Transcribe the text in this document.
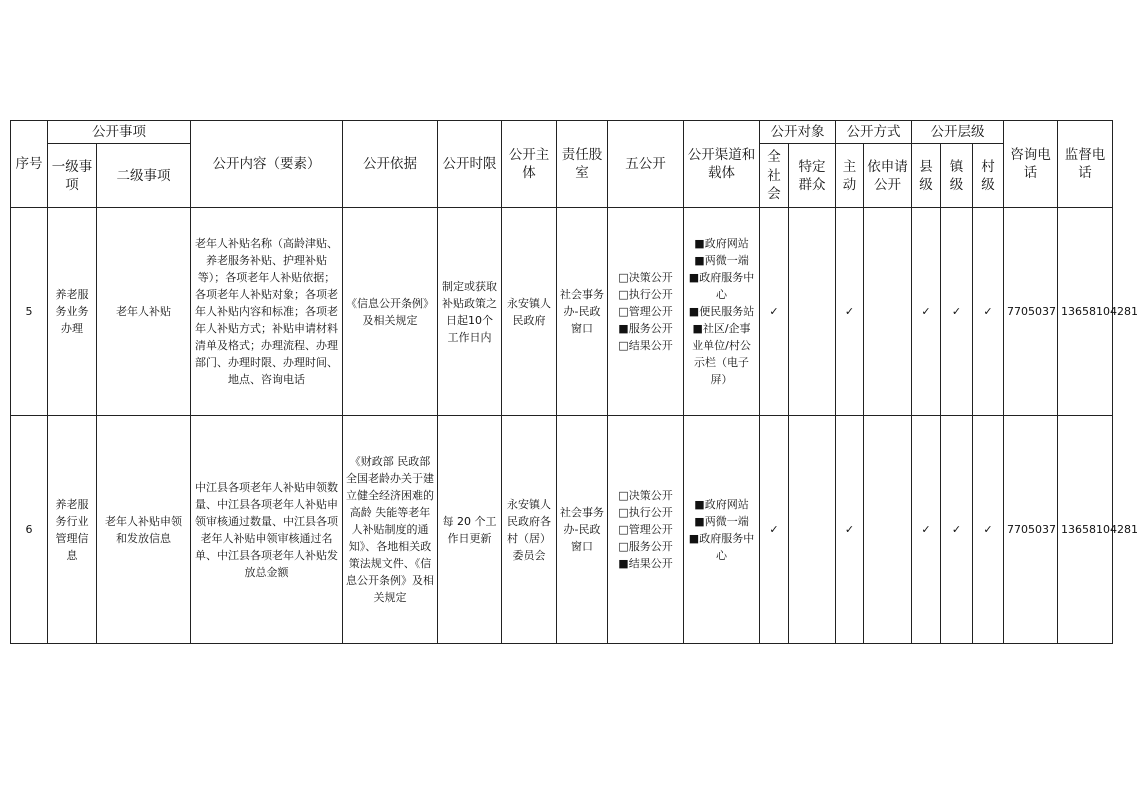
序号	公开事项		公开内容（要素）	公开依据	公开时限	公开主体	责任股室	五公开	公开渠道和载体	公开对象		公开方式		公开层级			咨询电话	监督电话
	一级事项	二级事项								全社会	特定群众	主动	依申请公开	县级	镇级	村级		
5	养老服务业务办理	老年人补贴	老年人补贴名称（高龄津贴、养老服务补贴、护理补贴等）；各项老年人补贴依据；各项老年人补贴对象；各项老年人补贴内容和标准；各项老年人补贴方式；补贴申请材料清单及格式；办理流程、办理部门、办理时限、办理时间、地点、咨询电话	《信息公开条例》及相关规定	制定或获取补贴政策之日起10个工作日内	永安镇人民政府	社会事务办-民政窗口	□决策公开
□执行公开
□管理公开
■服务公开
□结果公开	■政府网站
■两微一端
■政府服务中心
■便民服务站
■社区/企事业单位/村公示栏（电子屏）	✓		✓		✓	✓	✓	7705037	13658104281
6	养老服务行业管理信息	老年人补贴申领和发放信息	中江县各项老年人补贴申领数量、中江县各项老年人补贴申领审核通过数量、中江县各项老年人补贴申领审核通过名单、中江县各项老年人补贴发放总金额	《财政部 民政部 全国老龄办关于建立健全经济困难的高龄 失能等老年人补贴制度的通知》、各地相关政策法规文件、《信息公开条例》及相关规定	每 20 个工作日更新	永安镇人民政府各村（居）委员会	社会事务办-民政窗口	□决策公开
□执行公开
□管理公开
□服务公开
■结果公开	■政府网站
■两微一端
■政府服务中心	✓		✓		✓	✓	✓	7705037	13658104281
